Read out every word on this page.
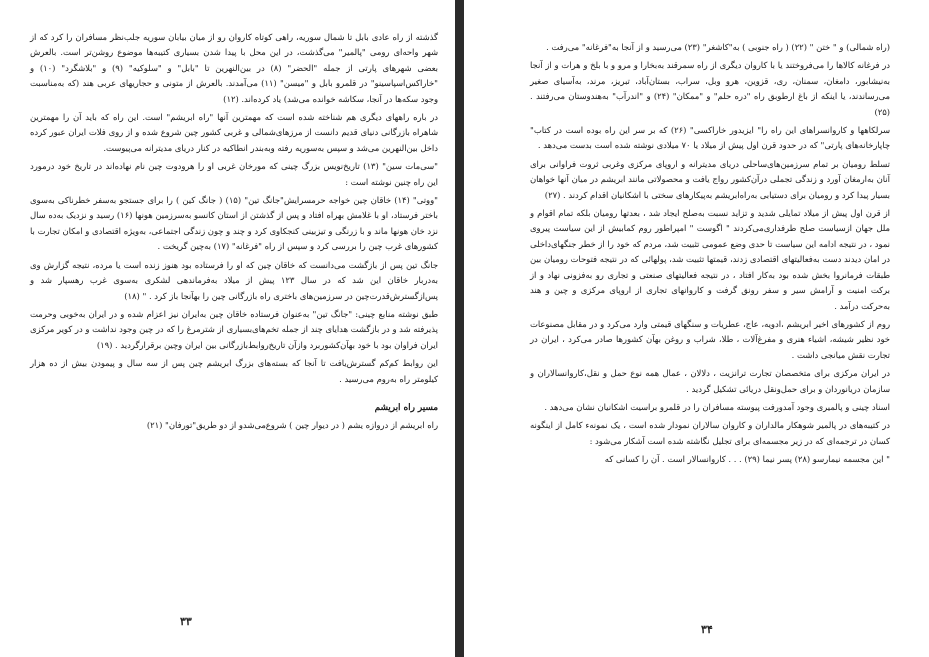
گذشته از راه عادی بابل تا شمال سوریه، راهی کوتاه کاروان رو از میان بیابان سوریه جلب‌نظر مسافران را کرد که از شهر واحه‌ای رومی "پالمیر" می‌گذشت، در این محل با پیدا شدن بسیاری کتیبه‌ها موضوع روشن‌تر است. بالعرش بعضی شهرهای پارتی از جمله "الحضر" (۸) در بین‌النهرین تا "بابل" و "سلوکیه" (۹) و "بلاشگرد" (۱۰) و "خاراکس‌اسپاسینو" در قلمرو بابل و "میسن" (۱۱) می‌آمدند. بالعرش از متونی و حجاریهای عربی هند (که به‌مناسبت وجود سکه‌ها در آنجا، سکاشه خوانده می‌شد) یاد کرده‌اند. (۱۲)

در باره راههای دیگری هم شناخته شده است که مهمترین آنها "راه ابریشم" است. این راه که باید آن را مهمترین شاهراه بازرگانی دنیای قدیم دانست از مرزهای‌شمالی و غربی کشور چین شروع شده و از روی فلات ایران عبور کرده داخل بین‌النهرین می‌شد و سپس به‌سوریه رفته وبه‌بندر انطاکیه در کنار دریای مدیترانه می‌پیوست.

"سی‌مات سین" (۱۳) تاریخ‌نویس بزرگ چینی که مورخان غربی او را هرودوت چین نام نهاده‌اند در تاریخ خود درمورد این راه چنین نوشته است :

"ووتی" (۱۴) خاقان چین خواجه حرمسرایش"جانگ تین" (۱۵) ( جانگ کین ) را برای جستجو به‌سفر خطرناکی به‌سوی باختر فرستاد، او با غلامش بهراه افتاد و پس از گذشتن از استان کانسو به‌سرزمین هونها (۱۶) رسید و نزدیک به‌ده سال نزد خان هونها ماند و با زرنگی و تیزبینی کنجکاوی کرد و چند و چون زندگی اجتماعی، به‌ویژه اقتصادی و امکان تجارت با کشورهای غرب چین را بررسی کرد و سپس از راه "فرغانه" (۱۷) به‌چین گریخت .

جانگ تین پس از بازگشت می‌دانست که خاقان چین که او را فرستاده بود هنوز زنده است یا مرده، نتیجه گزارش وی به‌دربار خاقان این شد که در سال ۱۲۳ پیش از میلاد به‌فرماندهی لشکری به‌سوی غرب رهسپار شد و پس‌ازگسترش‌قدرت‌چین در سرزمین‌های باختری راه بازرگانی چین را بهآنجا باز کرد . " (۱۸)

طبق نوشته منابع چینی: "جانگ تین" به‌عنوان فرستاده خاقان چین به‌ایران نیز اعزام شده و در ایران به‌خوبی وحرمت پذیرفته شد و در بازگشت هدایای چند از جمله تخم‌های‌بسیاری از شترمرغ را که در چین وجود نداشت و در کویر مرکزی ایران فراوان بود با خود بهآن‌کشوربرد وازآن تاریخ‌روابط‌بازرگانی بین ایران وچین برقرارگردید . (۱۹)

این روابط کم‌کم گسترش‌یافت تا آنجا که بسته‌های بزرگ ابریشم چین پس از سه سال و پیمودن بیش از ده هزار کیلومتر راه به‌روم می‌رسید .

مسیر راه ابریشم

راه ابریشم از دروازه یشم ( در دیوار چین ) شروع‌می‌شدو از دو طریق"تورفان" (۲۱)

۳۳

(راه شمالی) و " ختن " (۲۲) ( راه جنوبی ) به"کاشغر" (۲۳) می‌رسید و از آنجا به"فرغانه" می‌رفت .

در فرغانه کالاها را می‌فروختند یا با کاروان دیگری از راه سمرقند به‌بخارا و مرو و با بلخ و هرات و از آنجا به‌نیشابور، دامغان، سمنان، ری، قزوین، هرو وبل، سراب، بستان‌آباد، تبریز، مرند، به‌آسیای صغیر می‌رساندند، یا اینکه از باغ ارطوبق راه "دره حلم" و "ممکان" (۲۴) و "اندرآب" به‌هندوستان می‌رفتند . (۲۵)

سرلکاهها و کاروانسراهای این راه را" ایزیدور خاراکسی" (۲۶) که بر سر این راه بوده است در کتاب" چاپارخانه‌های پارتی" که در حدود قرن اول پیش از میلاد یا ۷۰ میلادی نوشته شده است بدست می‌دهد .

تسلط رومیان بر تمام سرزمین‌های‌ساحلی دریای مدیترانه و اروپای مرکزی وغربی ثروت فراوانی برای آنان به‌ارمغان آورد و زندگی تجملی درآن‌کشور رواج یافت و محصولاتی مانند ابریشم در میان آنها خواهان بسیار پیدا کرد و رومیان برای دستیابی به‌راه‌ابریشم به‌پیکارهای سختی با اشکانیان اقدام کردند . (۲۷)

از قرن اول پیش از میلاد تمایلی شدید و تزاید نسبت به‌صلح ایجاد شد ، بعدتها رومیان بلکه تمام اقوام و ملل جهان ازسیاست صلح طرفداری‌می‌کردند " اگوست " امپراطور روم کمابیش از این سیاست پیروی نمود ، در نتیجه ادامه این سیاست تا حدی وضع عمومی تثبیت شد، مردم که خود را از خطر جنگهای‌داخلی در امان دیدند دست به‌فعالیتهای اقتصادی زدند، قیمتها تثبیت شد، پولهائی که در نتیجه فتوحات رومیان بین طبقات فرمانروا بخش شده بود به‌کار افتاد ، در نتیجه فعالیتهای صنعتی و تجاری رو به‌فزونی نهاد و از برکت امنیت و آرامش سیر و سفر رونق گرفت و کاروانهای تجاری از اروپای مرکزی و چین و هند به‌حرکت درآمد .

روم از کشورهای اخیر ابریشم ،ادویه، عاج، عطریات و سنگهای قیمتی وارد می‌کرد و در مقابل مصنوعات خود نظیر شیشه، اشیاء هنری و مفرغ‌آلات ، طلا، شراب و روغن بهآن کشورها صادر می‌کرد ، ایران در تجارت نقش میانجی داشت .

در ایران مرکزی برای متخصصان تجارت ترانزیت ، دلالان ، عمال همه نوع حمل و نقل،کاروانسالاران و سازمان دریانوردان و برای حمل‌ونقل دریائی تشکیل گردید .

اسناد چینی و پالمیری وجود آمدورفت پیوسته مسافران را در قلمرو براسیت اشکانیان نشان می‌دهد .

در کتیبه‌های در پالمیر شوهکار مالداران و کاروان سالاران نمودار شده است ، یک نمونه‌ء کامل از اینگونه کسان در ترجمه‌ای که در زیر مجسمه‌ای برای تجلیل نگاشته شده است آشکار می‌شود :

" این مجسمه نیمارسو (۲۸) پسر نیما (۲۹) . . . کاروانسالار است . آن را کسانی که

۳۴
